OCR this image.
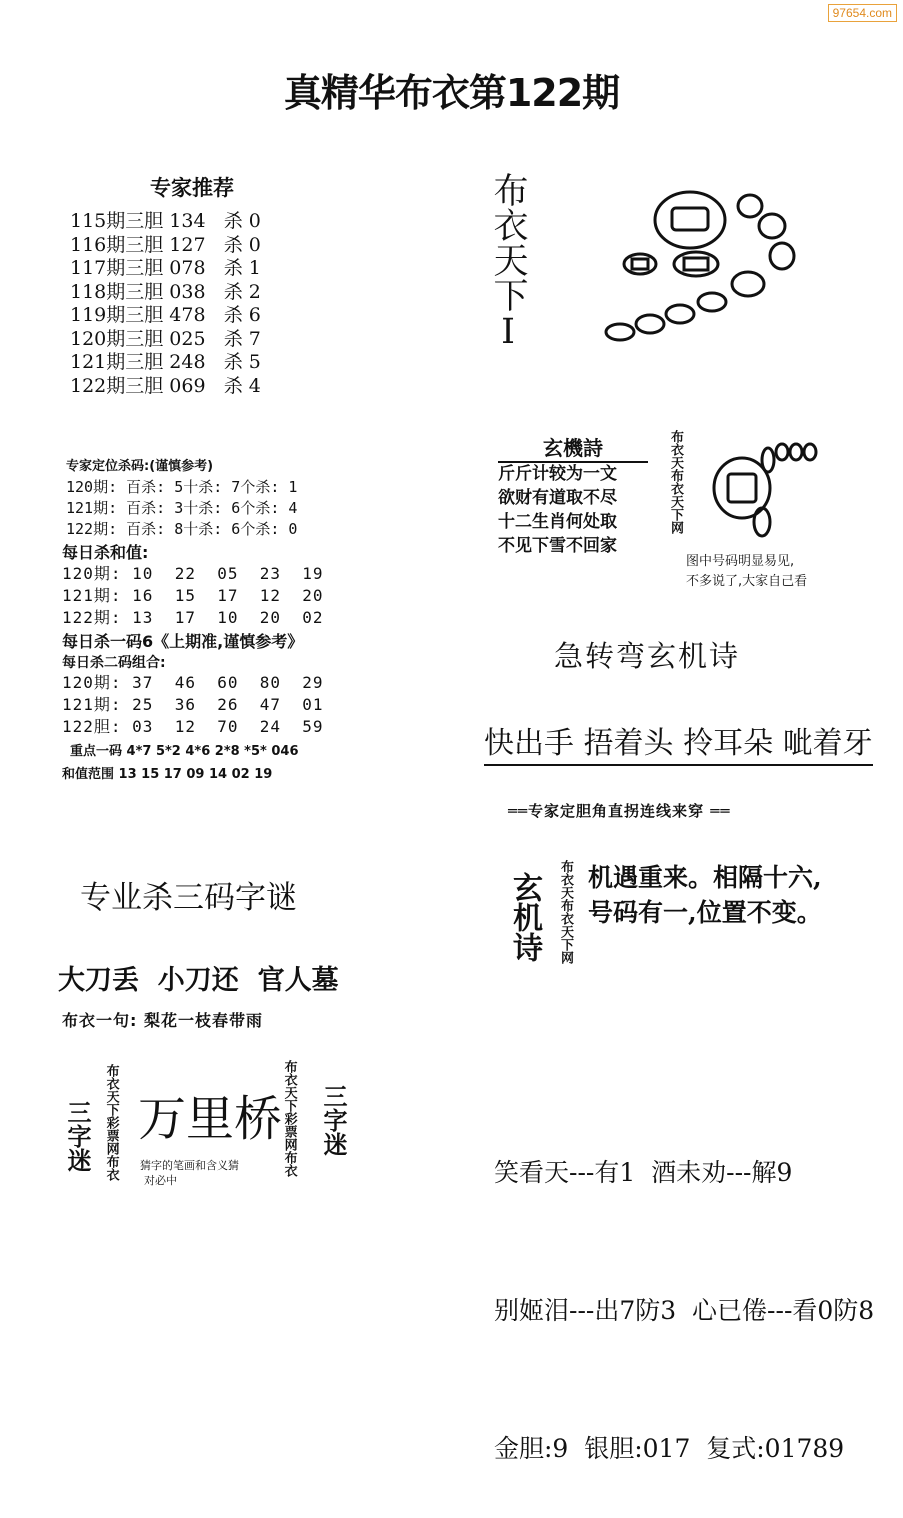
97654.com
真精华布衣第122期
专家推荐
115期三胆 134   杀 0
116期三胆 127   杀 0
117期三胆 078   杀 1
118期三胆 038   杀 2
119期三胆 478   杀 6
120期三胆 025   杀 7
121期三胆 248   杀 5
122期三胆 069   杀 4
专家定位杀码:(谨慎参考)
120期: 百杀: 5十杀: 7个杀: 1
121期: 百杀: 3十杀: 6个杀: 4
122期: 百杀: 8十杀: 6个杀: 0
每日杀和值:
120期: 10  22  05  23  19
121期: 16  15  17  12  20
122期: 13  17  10  20  02
每日杀一码6《上期准,谨慎参考》
每日杀二码组合:
120期: 37  46  60  80  29
121期: 25  36  26  47  01
122胆: 03  12  70  24  59
重点一码 4*7 5*2 4*6 2*8 *5* 046
和值范围 13 15 17 09 14 02 19
专业杀三码字谜
大刀丢  小刀还  官人墓
布衣一句: 梨花一枝春带雨
三字迷 布衣天下彩票网布衣 万里桥
猜字的笔画和含义猜
对必中
布衣天下彩票网布衣 三字迷
布衣天下I
玄機詩
斤斤计较为一文
欲财有道取不尽
十二生肖何处取
不见下雪不回家
布衣天布衣天下网
图中号码明显易见,
不多说了,大家自己看
急转弯玄机诗
快出手 捂着头 拎耳朵 呲着牙
══专家定胆角直拐连线来穿 ══
玄机诗 布衣天布衣天下网 机遇重来。相隔十六,
号码有一,位置不变。

笑看天---有1  酒未劝---解9

别姬泪---出7防3  心已倦---看0防8

金胆:9  银胆:017  复式:01789
